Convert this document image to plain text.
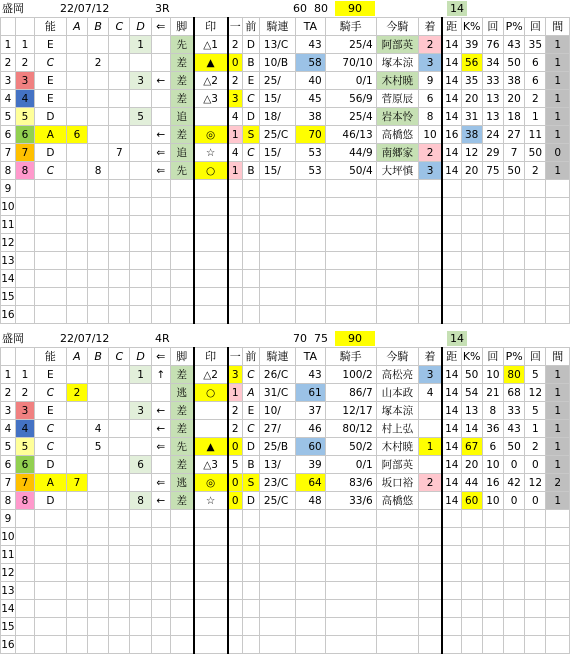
盛岡	22/07/12	3R	60 80	90	14
		能	A	B	C	D	⇐	脚	印	一	前	騎連	TA	騎手	今騎	着	距	K%	回	P%	回	間
1	1	E				1		先	△1	2	D	13/C	43	25/4	阿部英	2	14	39	76	43	35	1
2	2	C		2				差	▲	0	B	10/B	58	70/10	塚本涼	3	14	56	34	50	6	1
3	3	E				3	←	差	△2	2	E	25/	40	0/1	木村暁	9	14	35	33	38	6	1
4	4	E						差	△3	3	C	15/	45	56/9	菅原辰	6	14	20	13	20	2	1
5	5	D				5		追		4	D	18/	38	25/4	岩本怜	8	14	31	13	18	1	1
6	6	A	6				←	差	◎	1	S	25/C	70	46/13	高橋悠	10	16	38	24	27	11	1
7	7	D			7		⇐	追	☆	4	C	15/	53	44/9	南郷家	2	14	12	29	7	50	0
8	8	C		8			⇐	先	○	1	B	15/	53	50/4	大坪慎	3	14	20	75	50	2	1
9																						
10																						
11																						
12																						
13																						
14																						
15																						
16																						
盛岡	22/07/12	4R	70 75	90	14
		能	A	B	C	D	⇐	脚	印	一	前	騎連	TA	騎手	今騎	着	距	K%	回	P%	回	間
1	1	E				1	↑	差	△2	3	C	26/C	43	100/2	高松亮	3	14	50	10	80	5	1
2	2	C	2					逃	○	1	A	31/C	61	86/7	山本政	4	14	54	21	68	12	1
3	3	E				3	←	差		2	E	10/	37	12/17	塚本涼		14	13	8	33	5	1
4	4	C		4			←	差		2	C	27/	46	80/12	村上弘		14	14	36	43	1	1
5	5	C		5			⇐	先	▲	0	D	25/B	60	50/2	木村暁	1	14	67	6	50	2	1
6	6	D				6		差	△3	5	B	13/	39	0/1	阿部英		14	20	10	0	0	1
7	7	A	7				⇐	逃	◎	0	S	23/C	64	83/6	坂口裕	2	14	44	16	42	12	2
8	8	D				8	←	差	☆	0	D	25/C	48	33/6	高橋悠		14	60	10	0	0	1
9																						
10																						
11																						
12																						
13																						
14																						
15																						
16																						
